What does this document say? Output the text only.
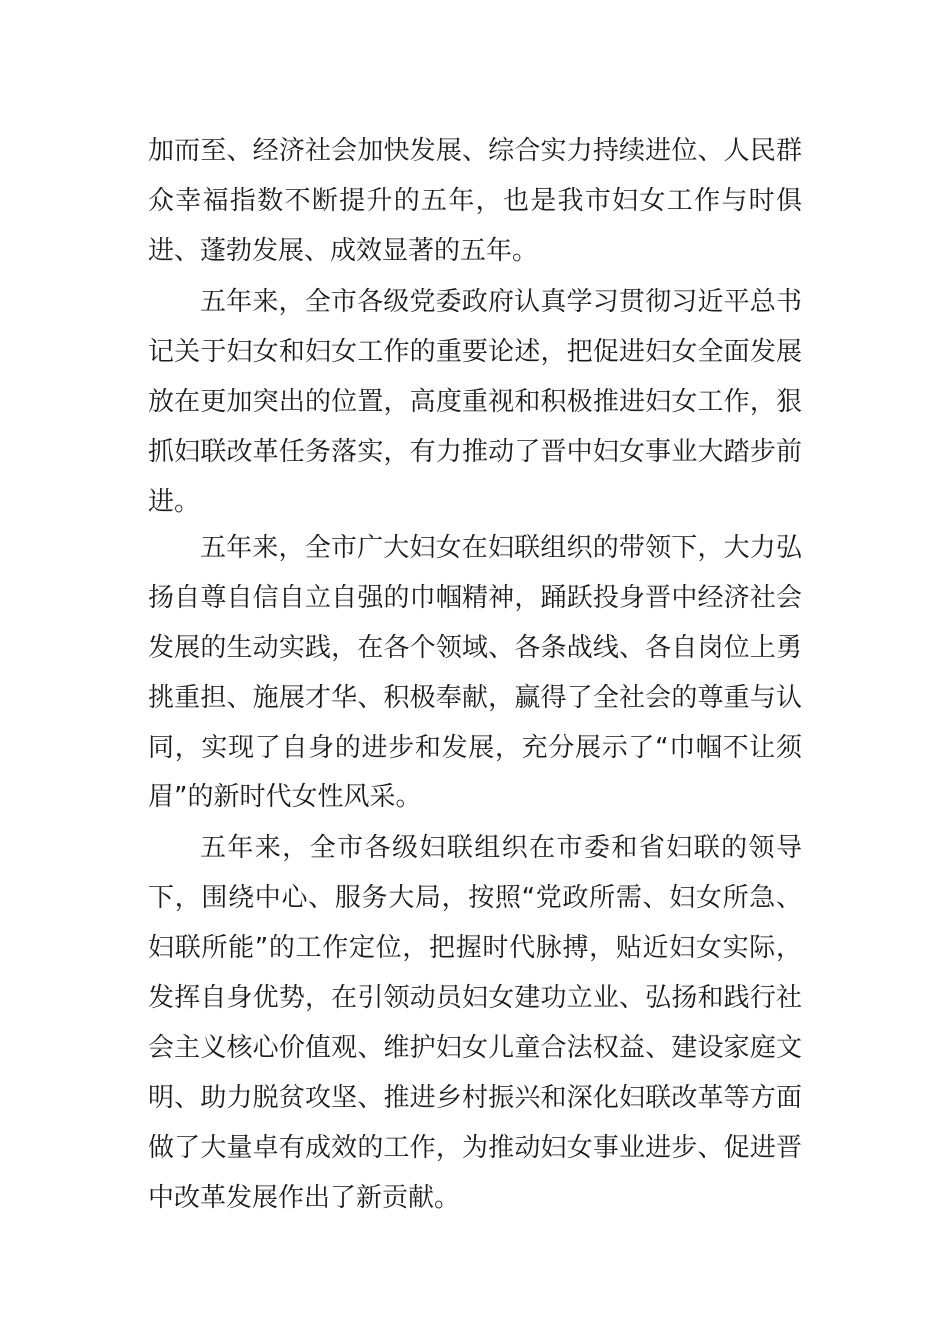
加而至、经济社会加快发展、综合实力持续进位、人民群
众幸福指数不断提升的五年，也是我市妇女工作与时俱
进、蓬勃发展、成效显著的五年。
五年来，全市各级党委政府认真学习贯彻习近平总书
记关于妇女和妇女工作的重要论述，把促进妇女全面发展
放在更加突出的位置，高度重视和积极推进妇女工作，狠
抓妇联改革任务落实，有力推动了晋中妇女事业大踏步前
进。
五年来，全市广大妇女在妇联组织的带领下，大力弘
扬自尊自信自立自强的巾帼精神，踊跃投身晋中经济社会
发展的生动实践，在各个领域、各条战线、各自岗位上勇
挑重担、施展才华、积极奉献，赢得了全社会的尊重与认
同，实现了自身的进步和发展，充分展示了“巾帼不让须
眉”的新时代女性风采。
五年来，全市各级妇联组织在市委和省妇联的领导
下，围绕中心、服务大局，按照“党政所需、妇女所急、
妇联所能”的工作定位，把握时代脉搏，贴近妇女实际，
发挥自身优势，在引领动员妇女建功立业、弘扬和践行社
会主义核心价值观、维护妇女儿童合法权益、建设家庭文
明、助力脱贫攻坚、推进乡村振兴和深化妇联改革等方面
做了大量卓有成效的工作，为推动妇女事业进步、促进晋
中改革发展作出了新贡献。
